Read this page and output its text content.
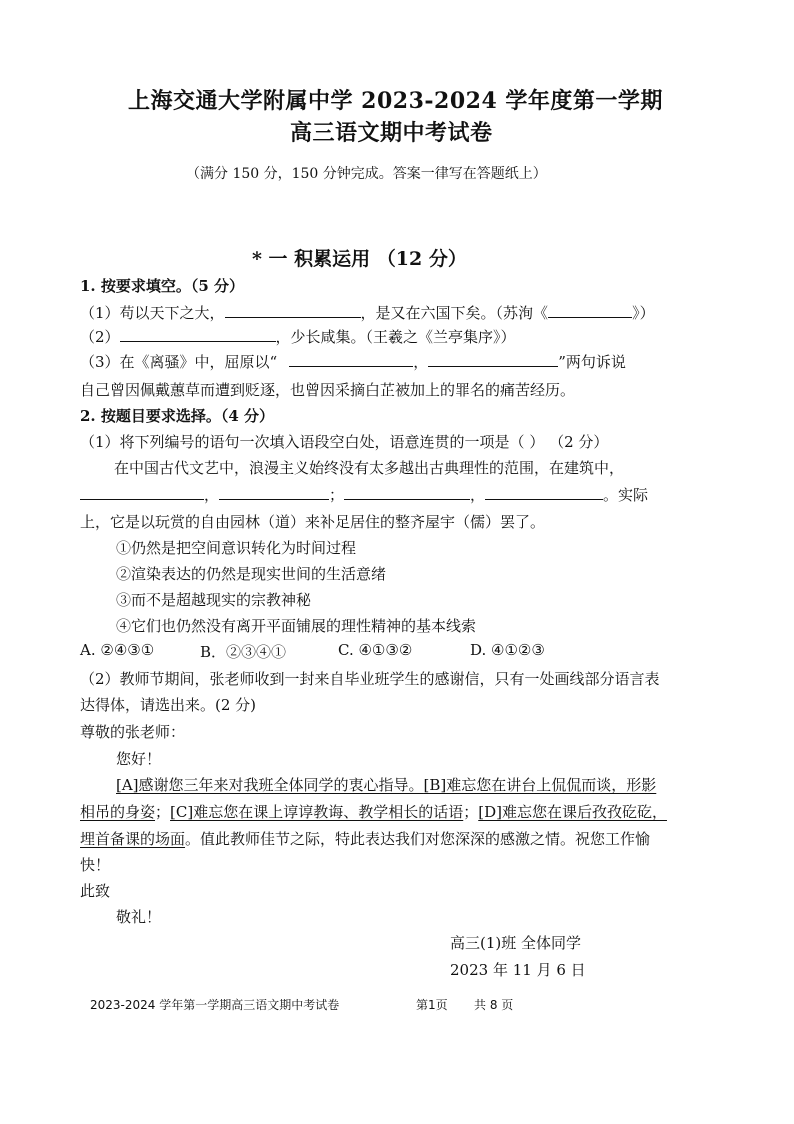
上海交通大学附属中学 2023-2024 学年度第一学期
高三语文期中考试卷
（满分 150 分，150 分钟完成。答案一律写在答题纸上）
* 一 积累运用 （12 分）
1. 按要求填空。（5 分）
（1）苟以天下之大，	，是又在六国下矣。（苏洵《	》）
（2）	，少长咸集。（王羲之《兰亭集序》）
（3）在《离骚》中，屈原以“	，	”两句诉说
自己曾因佩戴蕙草而遭到贬逐，也曾因采摘白芷被加上的罪名的痛苦经历。
2. 按题目要求选择。（4 分）
（1）将下列编号的语句一次填入语段空白处，语意连贯的一项是（ ） （2 分）
在中国古代文艺中，浪漫主义始终没有太多越出古典理性的范围，在建筑中，
，	；	，	。实际
上，它是以玩赏的自由园林（道）来补足居住的整齐屋宇（儒）罢了。
①仍然是把空间意识转化为时间过程
②渲染表达的仍然是现实世间的生活意绪
③而不是超越现实的宗教神秘
④它们也仍然没有离开平面铺展的理性精神的基本线索
A. ②④③①	B．②③④①	C. ④①③②	D. ④①②③
（2）教师节期间，张老师收到一封来自毕业班学生的感谢信，只有一处画线部分语言表
达得体，请选出来。(2 分)
尊敬的张老师：
您好！
[A]感谢您三年来对我班全体同学的衷心指导。[B]难忘您在讲台上侃侃而谈，形影
相吊的身姿；[C]难忘您在课上谆谆教诲、教学相长的话语；[D]难忘您在课后孜孜矻矻，
埋首备课的场面。值此教师佳节之际，特此表达我们对您深深的感激之情。祝您工作愉
快！
此致
敬礼！
高三(1)班 全体同学
2023 年 11 月 6 日
2023-2024 学年第一学期高三语文期中考试卷	第1页 共 8 页
